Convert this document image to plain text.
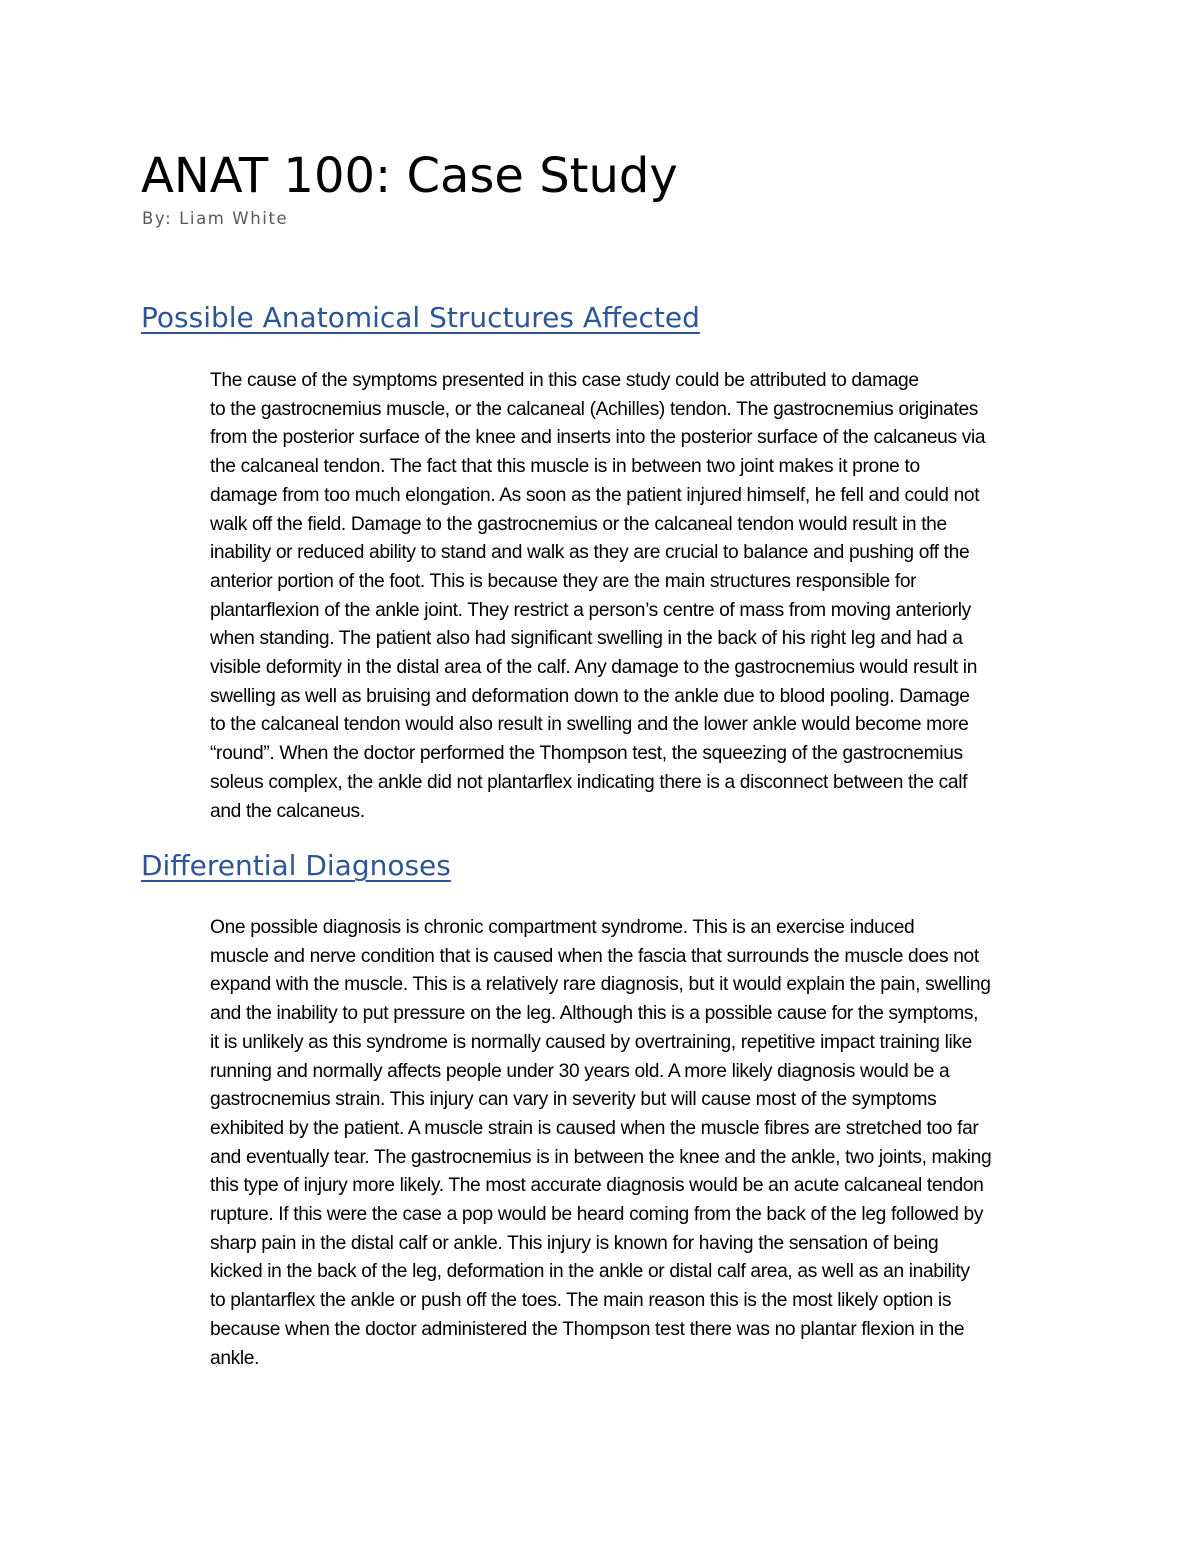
ANAT 100: Case Study

By: Liam White

Possible Anatomical Structures Affected
The cause of the symptoms presented in this case study could be attributed to damage
to the gastrocnemius muscle, or the calcaneal (Achilles) tendon. The gastrocnemius originates
from the posterior surface of the knee and inserts into the posterior surface of the calcaneus via
the calcaneal tendon. The fact that this muscle is in between two joint makes it prone to
damage from too much elongation. As soon as the patient injured himself, he fell and could not
walk off the field. Damage to the gastrocnemius or the calcaneal tendon would result in the
inability or reduced ability to stand and walk as they are crucial to balance and pushing off the
anterior portion of the foot. This is because they are the main structures responsible for
plantarflexion of the ankle joint. They restrict a person’s centre of mass from moving anteriorly
when standing. The patient also had significant swelling in the back of his right leg and had a
visible deformity in the distal area of the calf. Any damage to the gastrocnemius would result in
swelling as well as bruising and deformation down to the ankle due to blood pooling. Damage
to the calcaneal tendon would also result in swelling and the lower ankle would become more
“round”. When the doctor performed the Thompson test, the squeezing of the gastrocnemius
soleus complex, the ankle did not plantarflex indicating there is a disconnect between the calf
and the calcaneus.
Differential Diagnoses
One possible diagnosis is chronic compartment syndrome. This is an exercise induced
muscle and nerve condition that is caused when the fascia that surrounds the muscle does not
expand with the muscle. This is a relatively rare diagnosis, but it would explain the pain, swelling
and the inability to put pressure on the leg. Although this is a possible cause for the symptoms,
it is unlikely as this syndrome is normally caused by overtraining, repetitive impact training like
running and normally affects people under 30 years old. A more likely diagnosis would be a
gastrocnemius strain. This injury can vary in severity but will cause most of the symptoms
exhibited by the patient. A muscle strain is caused when the muscle fibres are stretched too far
and eventually tear. The gastrocnemius is in between the knee and the ankle, two joints, making
this type of injury more likely. The most accurate diagnosis would be an acute calcaneal tendon
rupture. If this were the case a pop would be heard coming from the back of the leg followed by
sharp pain in the distal calf or ankle. This injury is known for having the sensation of being
kicked in the back of the leg, deformation in the ankle or distal calf area, as well as an inability
to plantarflex the ankle or push off the toes. The main reason this is the most likely option is
because when the doctor administered the Thompson test there was no plantar flexion in the
ankle.
